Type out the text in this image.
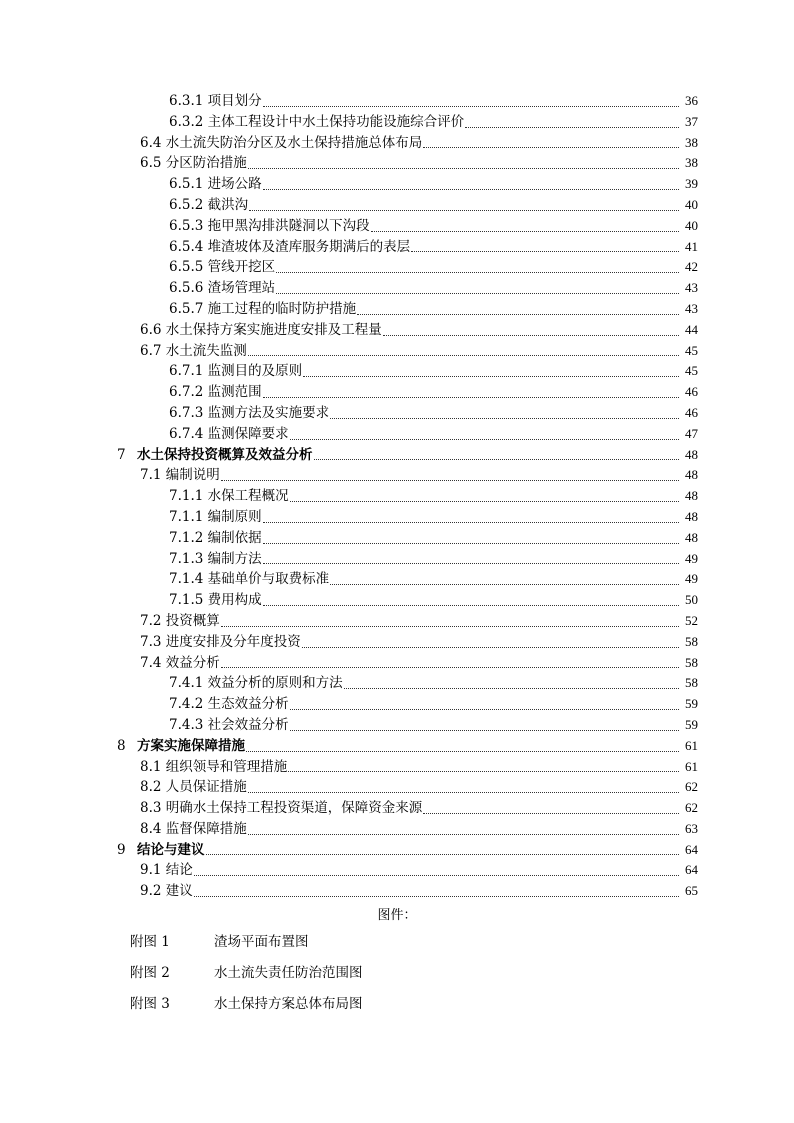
6.3.1 项目划分	36
6.3.2 主体工程设计中水土保持功能设施综合评价	37
6.4 水土流失防治分区及水土保持措施总体布局	38
6.5 分区防治措施	38
6.5.1 进场公路	39
6.5.2 截洪沟	40
6.5.3 拖甲黑沟排洪隧洞以下沟段	40
6.5.4 堆渣坡体及渣库服务期满后的表层	41
6.5.5 管线开挖区	42
6.5.6 渣场管理站	43
6.5.7 施工过程的临时防护措施	43
6.6 水土保持方案实施进度安排及工程量	44
6.7 水土流失监测	45
6.7.1 监测目的及原则	45
6.7.2 监测范围	46
6.7.3 监测方法及实施要求	46
6.7.4 监测保障要求	47
7 水土保持投资概算及效益分析	48
7.1 编制说明	48
7.1.1 水保工程概况	48
7.1.1 编制原则	48
7.1.2 编制依据	48
7.1.3 编制方法	49
7.1.4 基础单价与取费标准	49
7.1.5 费用构成	50
7.2 投资概算	52
7.3 进度安排及分年度投资	58
7.4 效益分析	58
7.4.1 效益分析的原则和方法	58
7.4.2 生态效益分析	59
7.4.3 社会效益分析	59
8 方案实施保障措施	61
8.1 组织领导和管理措施	61
8.2 人员保证措施	62
8.3 明确水土保持工程投资渠道，保障资金来源	62
8.4 监督保障措施	63
9 结论与建议	64
9.1 结论	64
9.2 建议	65
图件：
附图 1	渣场平面布置图
附图 2	水土流失责任防治范围图
附图 3	水土保持方案总体布局图
